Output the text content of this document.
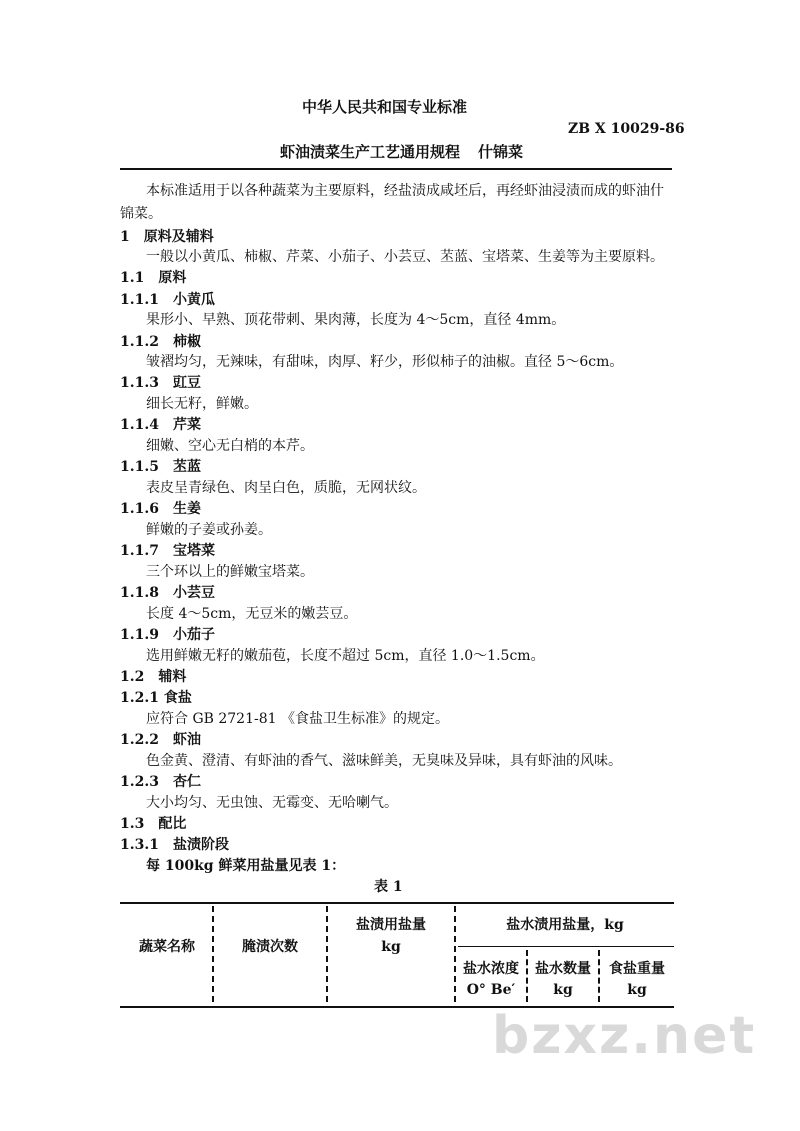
中华人民共和国专业标准
ZB X 10029-86
虾油渍菜生产工艺通用规程 什锦菜
本标准适用于以各种蔬菜为主要原料，经盐渍成咸坯后，再经虾油浸渍而成的虾油什
锦菜。
1　原料及辅料
一般以小黄瓜、柿椒、芹菜、小茄子、小芸豆、苤蓝、宝塔菜、生姜等为主要原料。
1.1　原料
1.1.1　小黄瓜
果形小、早熟、顶花带刺、果肉薄，长度为 4～5cm，直径 4mm。
1.1.2　柿椒
皱褶均匀，无辣味，有甜味，肉厚、籽少，形似柿子的油椒。直径 5～6cm。
1.1.3　豇豆
细长无籽，鲜嫩。
1.1.4　芹菜
细嫩、空心无白梢的本芹。
1.1.5　苤蓝
表皮呈青绿色、肉呈白色，质脆，无网状纹。
1.1.6　生姜
鲜嫩的子姜或孙姜。
1.1.7　宝塔菜
三个环以上的鲜嫩宝塔菜。
1.1.8　小芸豆
长度 4～5cm，无豆米的嫩芸豆。
1.1.9　小茄子
选用鲜嫩无籽的嫩茄苞，长度不超过 5cm，直径 1.0～1.5cm。
1.2　辅料
1.2.1 食盐
应符合 GB 2721-81 《食盐卫生标准》的规定。
1.2.2　虾油
色金黄、澄清、有虾油的香气、滋味鲜美，无臭味及异味，具有虾油的风味。
1.2.3　杏仁
大小均匀、无虫蚀、无霉变、无哈喇气。
1.3　配比
1.3.1　盐渍阶段
每 100kg 鲜菜用盐量见表 1：
表 1
蔬菜名称	腌渍次数
盐渍用盐量
kg
盐水渍用盐量，kg
盐水浓度
O° Be′
盐水数量
kg
食盐重量
kg
bzxz.net
